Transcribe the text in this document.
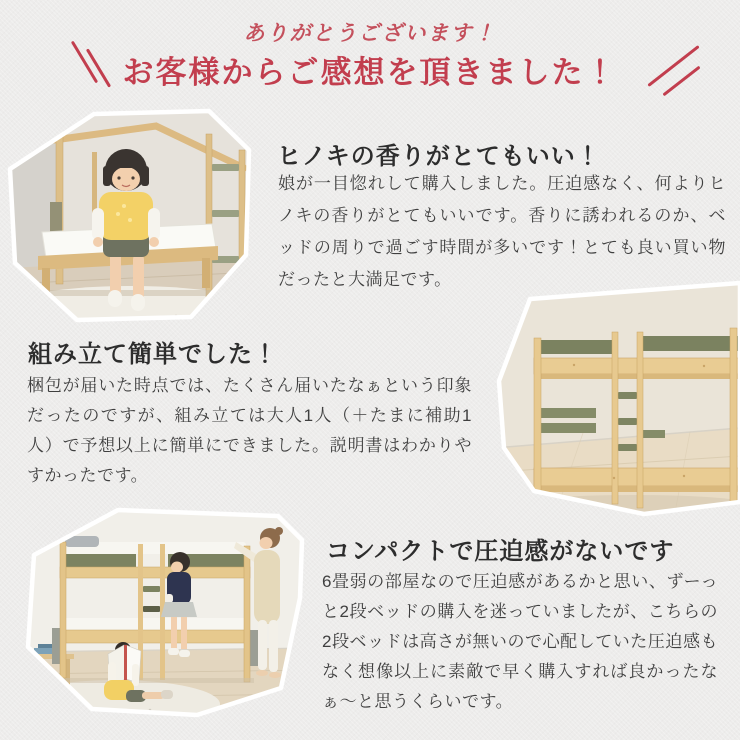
ありがとうございます！
お客様からご感想を頂きました！
ヒノキの香りがとてもいい！

娘が一目惚れして購入しました。圧迫感なく、何よりヒノキの香りがとてもいいです。香りに誘われるのか、ベッドの周りで過ごす時間が多いです！とても良い買い物だったと大満足です。

組み立て簡単でした！

梱包が届いた時点では、たくさん届いたなぁという印象だったのですが、組み立ては大人1人（＋たまに補助1人）で予想以上に簡単にできました。説明書はわかりやすかったです。

コンパクトで圧迫感がないです

6畳弱の部屋なので圧迫感があるかと思い、ずーっと2段ベッドの購入を迷っていましたが、こちらの2段ベッドは高さが無いので心配していた圧迫感もなく想像以上に素敵で早く購入すれば良かったなぁ〜と思うくらいです。
